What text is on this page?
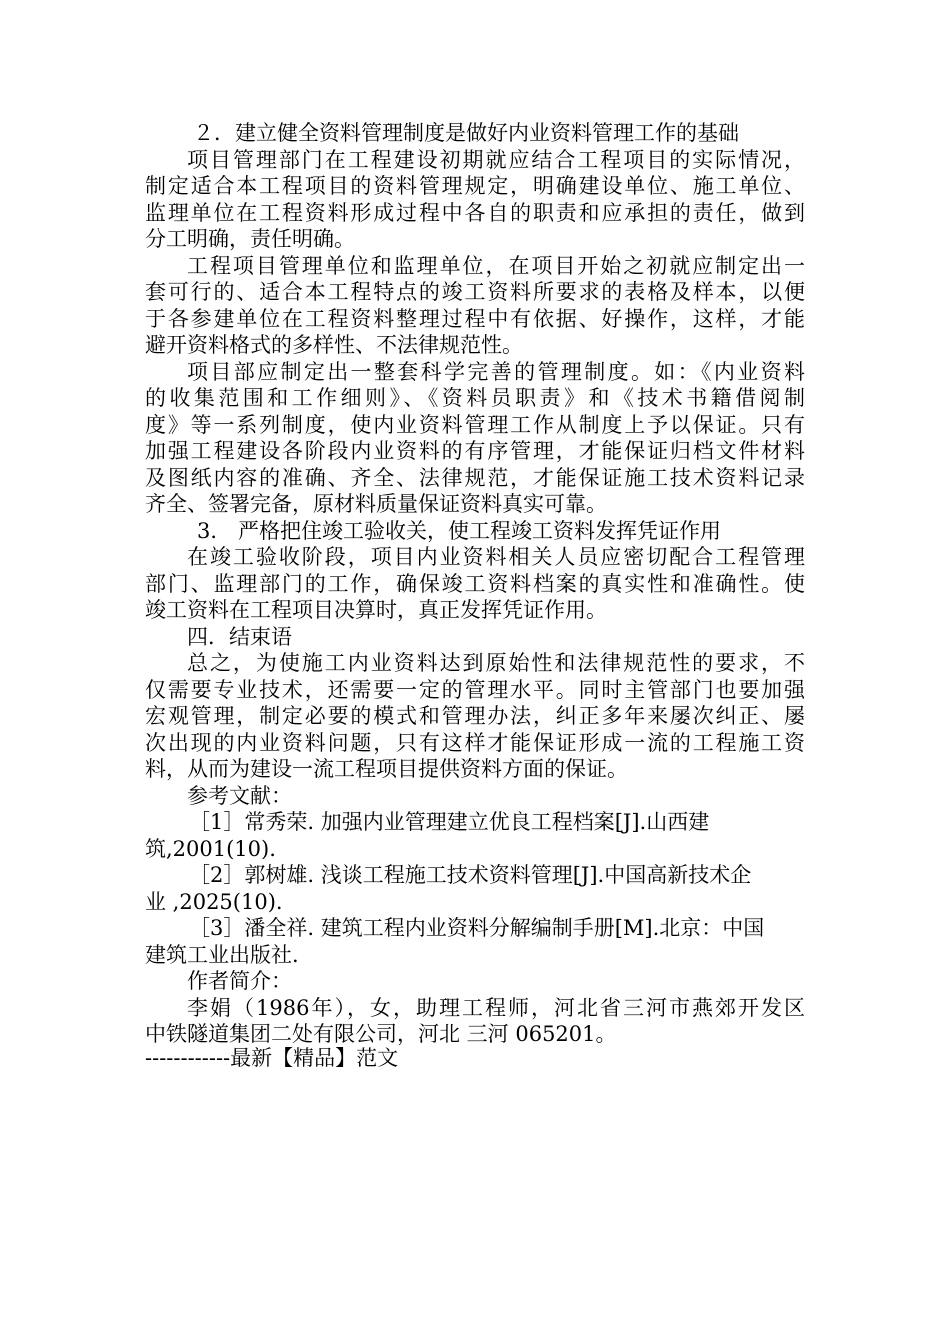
２．建立健全资料管理制度是做好内业资料管理工作的基础
项目管理部门在工程建设初期就应结合工程项目的实际情况，
制定适合本工程项目的资料管理规定，明确建设单位、施工单位、
监理单位在工程资料形成过程中各自的职责和应承担的责任，做到
分工明确，责任明确。
工程项目管理单位和监理单位，在项目开始之初就应制定出一
套可行的、适合本工程特点的竣工资料所要求的表格及样本，以便
于各参建单位在工程资料整理过程中有依据、好操作，这样，才能
避开资料格式的多样性、不法律规范性。
项目部应制定出一整套科学完善的管理制度。如：《内业资料
的收集范围和工作细则》、《资料员职责》和《技术书籍借阅制
度》等一系列制度，使内业资料管理工作从制度上予以保证。只有
加强工程建设各阶段内业资料的有序管理，才能保证归档文件材料
及图纸内容的准确、齐全、法律规范，才能保证施工技术资料记录
齐全、签署完备，原材料质量保证资料真实可靠。
3． 严格把住竣工验收关，使工程竣工资料发挥凭证作用
在竣工验收阶段，项目内业资料相关人员应密切配合工程管理
部门、监理部门的工作，确保竣工资料档案的真实性和准确性。使
竣工资料在工程项目决算时，真正发挥凭证作用。
四．结束语
总之，为使施工内业资料达到原始性和法律规范性的要求，不
仅需要专业技术，还需要一定的管理水平。同时主管部门也要加强
宏观管理，制定必要的模式和管理办法，纠正多年来屡次纠正、屡
次出现的内业资料问题，只有这样才能保证形成一流的工程施工资
料，从而为建设一流工程项目提供资料方面的保证。
参考文献：
［1］常秀荣. 加强内业管理建立优良工程档案[J].山西建
筑,2001(10).
［2］郭树雄. 浅谈工程施工技术资料管理[J].中国高新技术企
业 ,2025(10).
［3］潘全祥. 建筑工程内业资料分解编制手册[M].北京：中国
建筑工业出版社.
作者简介：
李娟（1986年），女，助理工程师，河北省三河市燕郊开发区
中铁隧道集团二处有限公司，河北 三河 065201。
------------最新【精品】范文
